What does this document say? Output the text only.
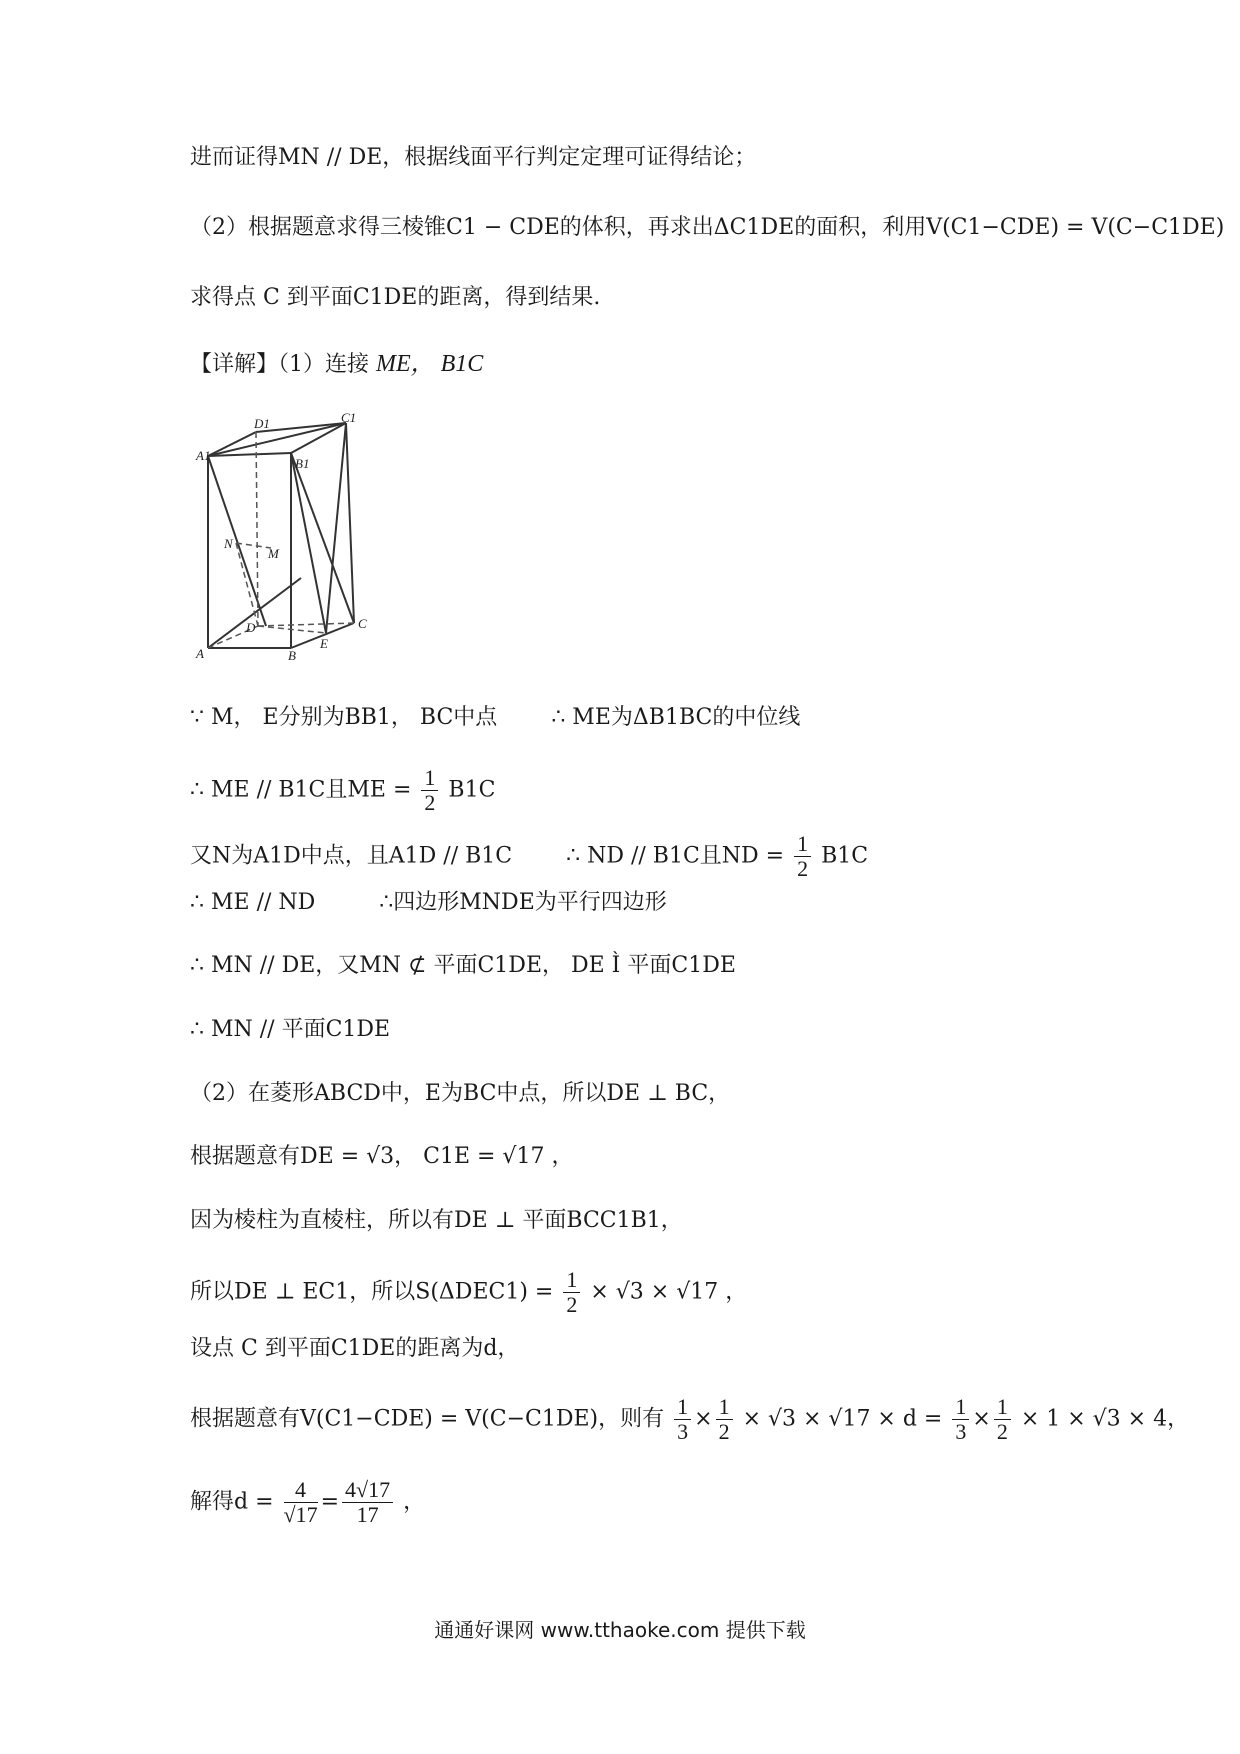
进而证得MN // DE，根据线面平行判定定理可证得结论；
（2）根据题意求得三棱锥C1 − CDE的体积，再求出ΔC1DE的面积，利用V(C1−CDE) = V(C−C1DE)
求得点 C 到平面C1DE的距离，得到结果.
【详解】（1）连接 ME， B1C
D1	C1
A1
B1
N
M
D
A	B
E
C
∵ M， E分别为BB1， BC中点 ∴ ME为ΔB1BC的中位线
∴ ME // B1C且ME = $\frac{1}{2} B1C$
又N为A1D中点，且A1D // B1C ∴ ND // B1C且ND = $\frac{1}{2} B1C$
∴ ME // ND	∴四边形MNDE为平行四边形
∴ MN // DE，又MN ⊄ 平面C1DE， DE Ì 平面C1DE
∴ MN // 平面C1DE
（2）在菱形ABCD中，E为BC中点，所以DE ⊥ BC，
根据题意有DE = √3， C1E = √17 ，
因为棱柱为直棱柱，所以有DE ⊥ 平面BCC1B1，
所以DE ⊥ EC1，所以$S(\Delta DEC1) = \frac{1}{2} \times √3 \times √17$ ，
设点 C 到平面C1DE的距离为d，
根据题意有V(C1−CDE) = V(C−C1DE)，则有 $\frac{1}{3} \times \frac{1}{2} \times √3 \times √17 \times d = \frac{1}{3} \times \frac{1}{2} \times 1 \times √3 \times 4$，
解得$d = \frac{4}{√17} = \frac{4√17}{17}$ ，
通通好课网 www.tthaoke.com 提供下载
